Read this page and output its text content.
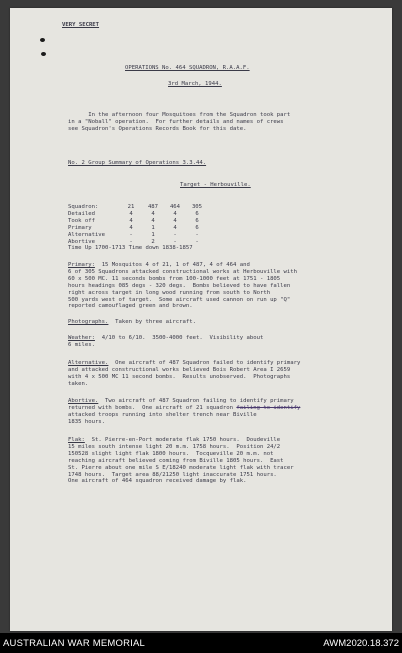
VERY SECRET
OPERATIONS No. 464 SQUADRON, R.A.A.F.
3rd March, 1944.
In the afternoon four Mosquitoes from the Squadron took part
in a "Noball" operation.  For further details and names of crews
see Squadron's Operations Records Book for this date.
No. 2 Group Summary of Operations 3.3.44.
Target - Herbouville.
Squadron:	21	487	464	305
Detailed	4	4	4	6
Took off	4	4	4	6
Primary	4	1	4	6
Alternative	-	1	-	-
Abortive	-	2	-	-
Time Up 1700-1713 Time down 1838-1857
Primary:  15 Mosquitos 4 of 21, 1 of 487, 4 of 464 and
6 of 305 Squadrons attacked constructional works at Herbouville with
60 x 500 MC. 11 seconds bombs from 100-1000 feet at 1751 - 1805
hours headings 085 degs - 320 degs.  Bombs believed to have fallen
right across target in long wood running from south to North
500 yards west of target.  Some aircraft used cannon on run up "Q"
reported camouflaged green and brown.
Photographs.  Taken by three aircraft.
Weather:  4/10 to 6/10.  3500-4000 feet.  Visibility about
6 miles.
Alternative.  One aircraft of 487 Squadron failed to identify primary
and attacked constructional works believed Bois Robert Area I 2659
with 4 x 500 MC 11 second bombs.  Results unobserved.  Photographs
taken.
Abortive.  Two aircraft of 487 Squadron failing to identify primary
returned with bombs.  One aircraft of 21 squadron failing to identify
attacked troops running into shelter trench near Biville
1835 hours.
Flak:  St. Pierre-en-Port moderate flak 1750 hours.  Doudeville
15 miles south intense light 20 m.m. 1758 hours.  Position 24/2
150528 slight light flak 1800 hours.  Tocqueville 20 m.m. not
reaching aircraft believed coming from Biville 1805 hours.  East
St. Pierre about one mile S E/18240 moderate light flak with tracer
1748 hours.  Target area 88/21250 light inaccurate 1751 hours.
One aircraft of 464 squadron received damage by flak.
AUSTRALIAN WAR MEMORIAL	AWM2020.18.372
